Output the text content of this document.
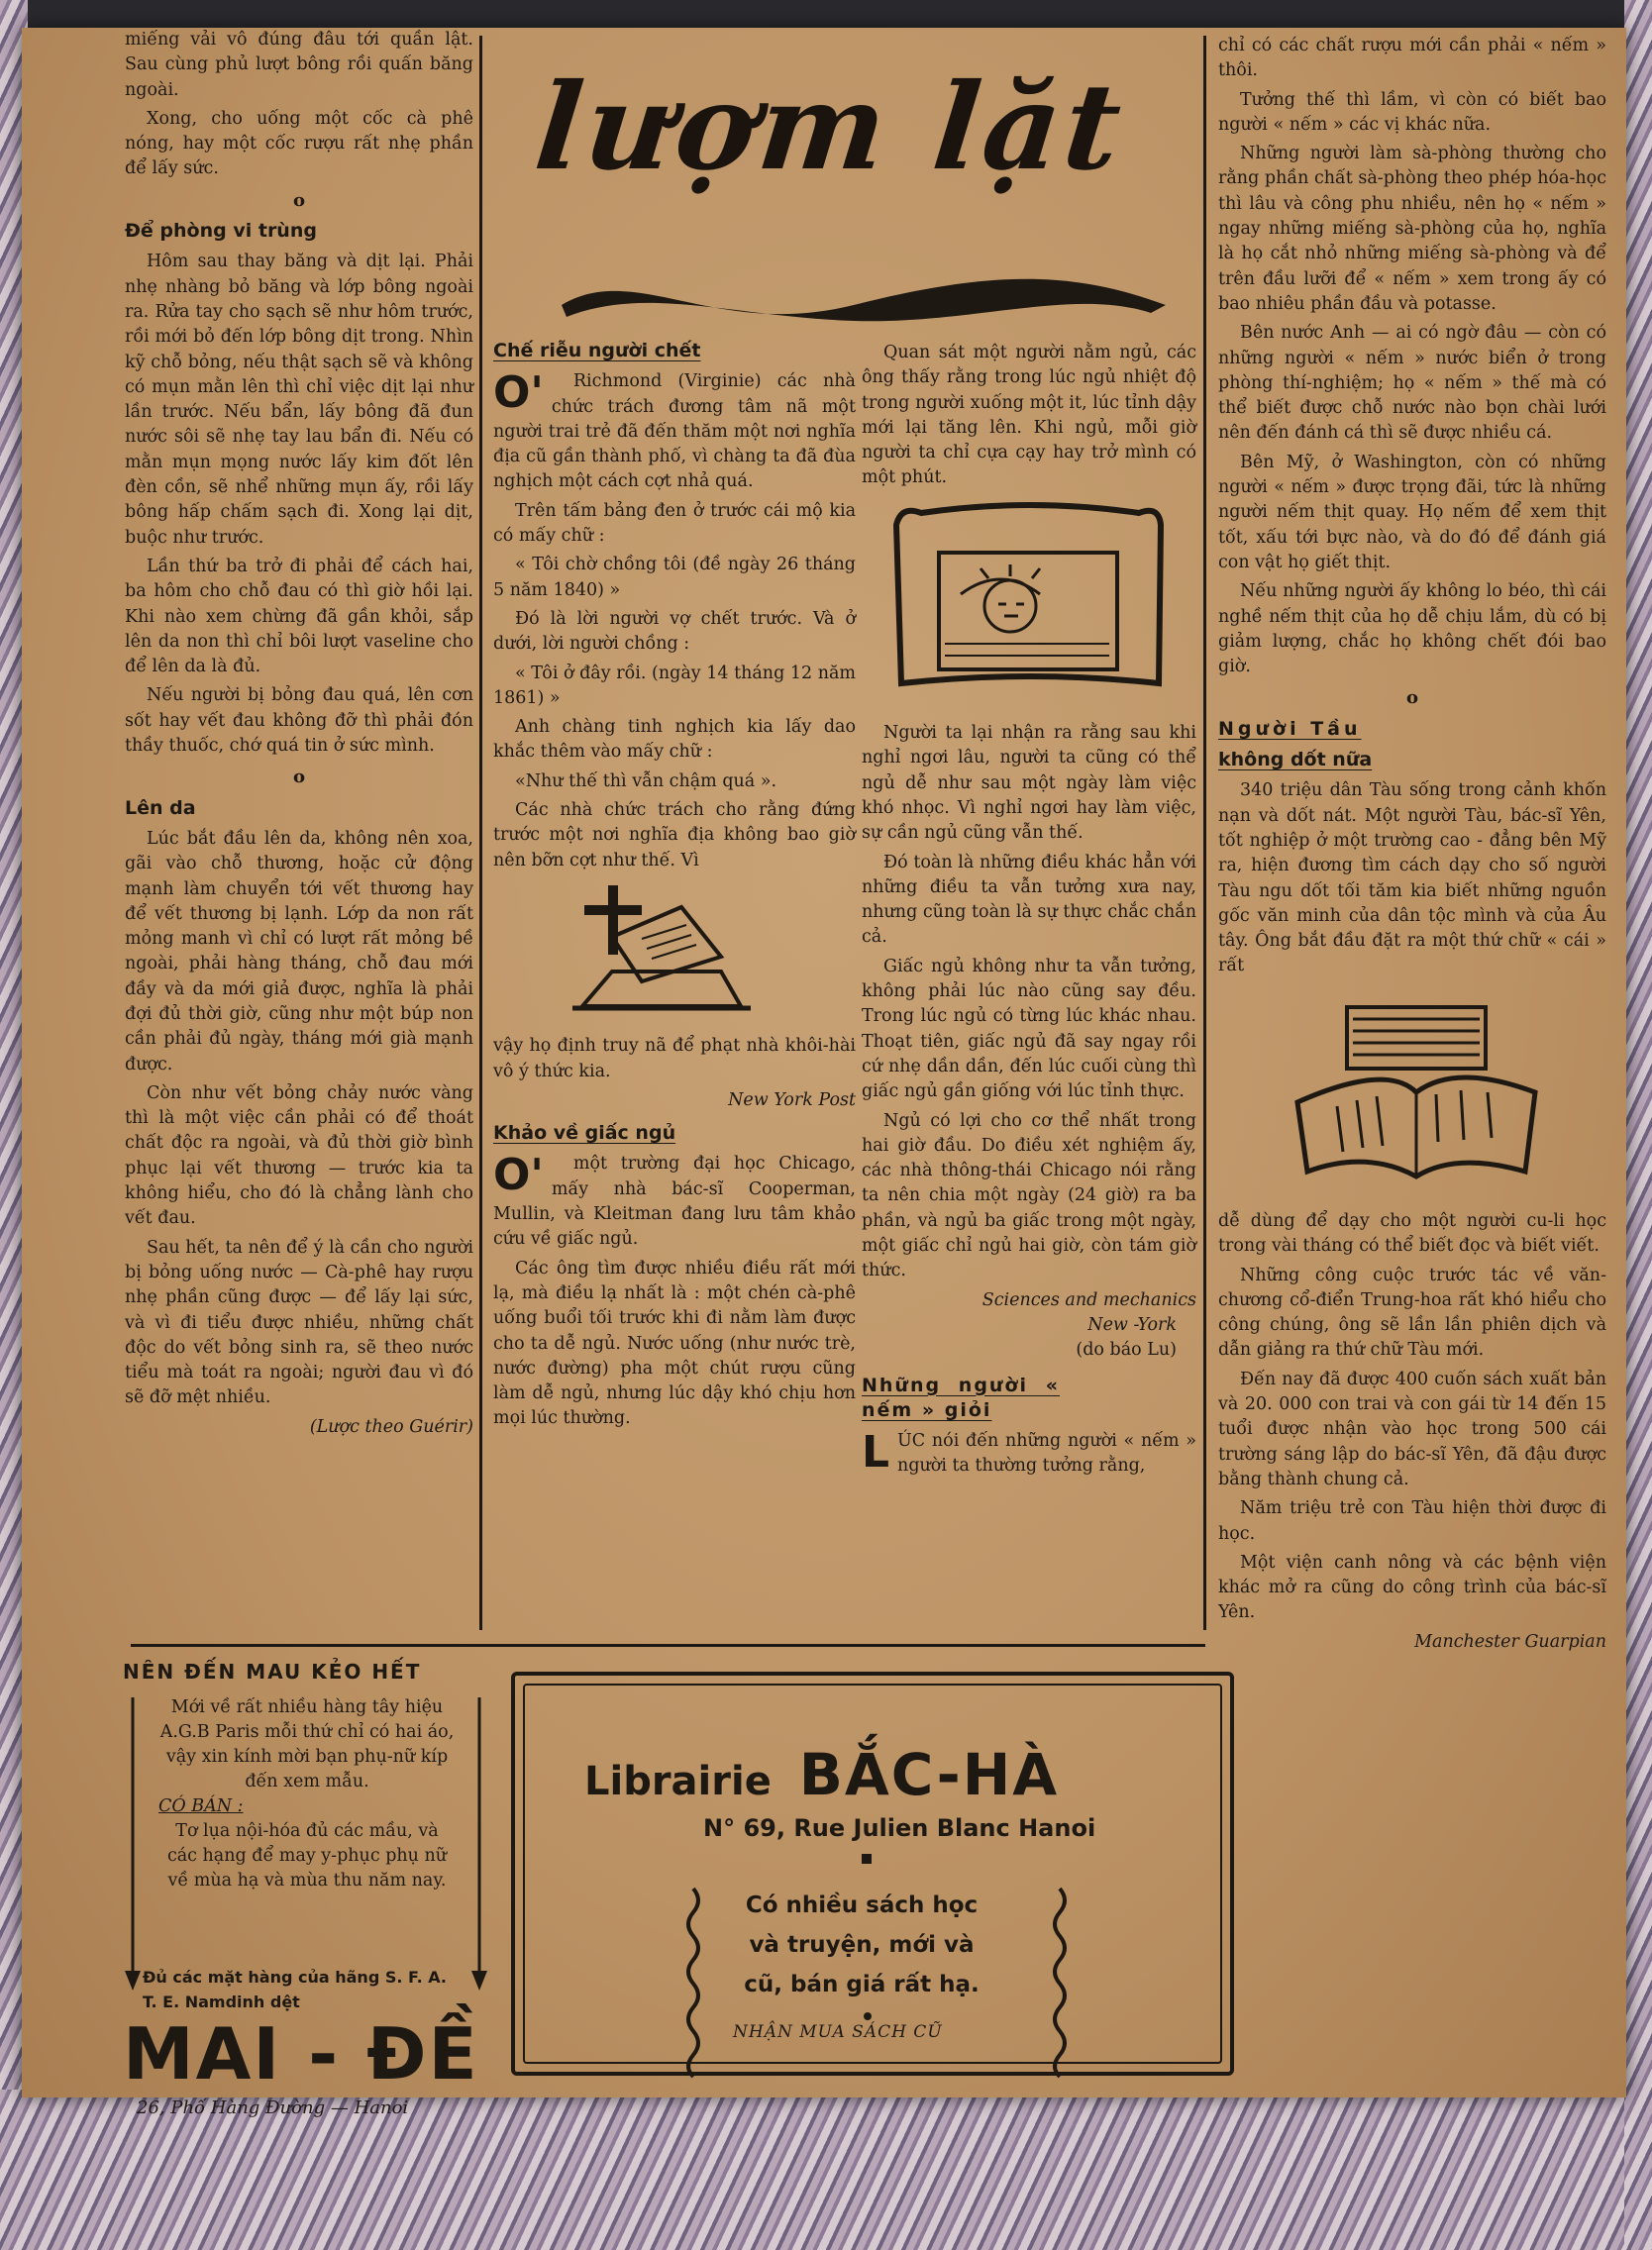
lượm lặt

miếng vải vô đúng đâu tới quần lật. Sau cùng phủ lượt bông rồi quấn băng ngoài.

Xong, cho uống một cốc cà phê nóng, hay một cốc rượu rất nhẹ phần để lấy sức.

o
Để phòng vi trùng

Hôm sau thay băng và dịt lại. Phải nhẹ nhàng bỏ băng và lớp bông ngoài ra. Rửa tay cho sạch sẽ như hôm trước, rồi mới bỏ đến lớp bông dịt trong. Nhìn kỹ chỗ bỏng, nếu thật sạch sẽ và không có mụn mằn lên thì chỉ việc dịt lại như lần trước. Nếu bẩn, lấy bông đã đun nước sôi sẽ nhẹ tay lau bẩn đi. Nếu có mằn mụn mọng nước lấy kim đốt lên đèn cồn, sẽ nhể những mụn ấy, rồi lấy bông hấp chấm sạch đi. Xong lại dịt, buộc như trước.

Lần thứ ba trở đi phải để cách hai, ba hôm cho chỗ đau có thì giờ hồi lại. Khi nào xem chừng đã gần khỏi, sắp lên da non thì chỉ bôi lượt vaseline cho để lên da là đủ.

Nếu người bị bỏng đau quá, lên cơn sốt hay vết đau không đỡ thì phải đón thầy thuốc, chớ quá tin ở sức mình.

o
Lên da

Lúc bắt đầu lên da, không nên xoa, gãi vào chỗ thương, hoặc cử động mạnh làm chuyển tới vết thương hay để vết thương bị lạnh. Lớp da non rất mỏng manh vì chỉ có lượt rất mỏng bề ngoài, phải hàng tháng, chỗ đau mới đầy và da mới giả được, nghĩa là phải đợi đủ thời giờ, cũng như một búp non cần phải đủ ngày, tháng mới già mạnh được.

Còn như vết bỏng chảy nước vàng thì là một việc cần phải có để thoát chất độc ra ngoài, và đủ thời giờ bình phục lại vết thương — trước kia ta không hiểu, cho đó là chẳng lành cho vết đau.

Sau hết, ta nên để ý là cần cho người bị bỏng uống nước — Cà-phê hay rượu nhẹ phần cũng được — để lấy lại sức, và vì đi tiểu được nhiều, những chất độc do vết bỏng sinh ra, sẽ theo nước tiểu mà toát ra ngoài; người đau vì đó sẽ đỡ mệt nhiều.

(Lược theo Guérir)
Chế riễu người chết
O'	Richmond (Virginie) các nhà chức trách đương tâm nã một người trai trẻ đã đến thăm một nơi nghĩa địa cũ gần thành phố, vì chàng ta đã đùa nghịch một cách cợt nhả quá.

Trên tấm bảng đen ở trước cái mộ kia có mấy chữ :

« Tôi chờ chồng tôi (đề ngày 26 tháng 5 năm 1840) »

Đó là lời người vợ chết trước. Và ở dưới, lời người chồng :

« Tôi ở đây rồi. (ngày 14 tháng 12 năm 1861) »

Anh chàng tinh nghịch kia lấy dao khắc thêm vào mấy chữ :

«Như thế thì vẫn chậm quá ».

Các nhà chức trách cho rằng đứng trước một nơi nghĩa địa không bao giờ nên bỡn cợt như thế. Vì

vậy họ định truy nã để phạt nhà khôi-hài vô ý thức kia.

New York Post
Khảo về giấc ngủ
O'	một trường đại học Chicago, mấy nhà bác-sĩ Cooperman, Mullin, và Kleitman đang lưu tâm khảo cứu về giấc ngủ.

Các ông tìm được nhiều điều rất mới lạ, mà điều lạ nhất là : một chén cà-phê uống buổi tối trước khi đi nằm làm được cho ta dễ ngủ. Nước uống (như nước trè, nước đường) pha một chút rượu cũng làm dễ ngủ, nhưng lúc dậy khó chịu hơn mọi lúc thường.

Quan sát một người nằm ngủ, các ông thấy rằng trong lúc ngủ nhiệt độ trong người xuống một it, lúc tỉnh dậy mới lại tăng lên. Khi ngủ, mỗi giờ người ta chỉ cựa cạy hay trở mình có một phút.

Người ta lại nhận ra rằng sau khi nghỉ ngơi lâu, người ta cũng có thể ngủ dễ như sau một ngày làm việc khó nhọc. Vì nghỉ ngơi hay làm việc, sự cần ngủ cũng vẫn thế.

Đó toàn là những điều khác hẳn với những điều ta vẫn tưởng xưa nay, nhưng cũng toàn là sự thực chắc chắn cả.

Giấc ngủ không như ta vẫn tưởng, không phải lúc nào cũng say đều. Trong lúc ngủ có từng lúc khác nhau. Thoạt tiên, giấc ngủ đã say ngay rồi cứ nhẹ dần dần, đến lúc cuối cùng thì giấc ngủ gần giống với lúc tỉnh thực.

Ngủ có lợi cho cơ thể nhất trong hai giờ đầu. Do điều xét nghiệm ấy, các nhà thông-thái Chicago nói rằng ta nên chia một ngày (24 giờ) ra ba phần, và ngủ ba giấc trong một ngày, một giấc chỉ ngủ hai giờ, còn tám giờ thức.

Sciences and mechanics
New -York
(do báo Lu)
Những người « nếm » giỏi
L ÚC nói đến những người « nếm » người ta thường tưởng rằng,

chỉ có các chất rượu mới cần phải « nếm » thôi.

Tưởng thế thì lầm, vì còn có biết bao người « nếm » các vị khác nữa.

Những người làm sà-phòng thường cho rằng phần chất sà-phòng theo phép hóa-học thì lâu và công phu nhiều, nên họ « nếm » ngay những miếng sà-phòng của họ, nghĩa là họ cắt nhỏ những miếng sà-phòng và để trên đầu lưỡi để « nếm » xem trong ấy có bao nhiêu phần đầu và potasse.

Bên nước Anh — ai có ngờ đâu — còn có những người « nếm » nước biển ở trong phòng thí-nghiệm; họ « nếm » thế mà có thể biết được chỗ nước nào bọn chài lưới nên đến đánh cá thì sẽ được nhiều cá.

Bên Mỹ, ở Washington, còn có những người « nếm » được trọng đãi, tức là những người nếm thịt quay. Họ nếm để xem thịt tốt, xấu tới bực nào, và do đó để đánh giá con vật họ giết thịt.

Nếu những người ấy không lo béo, thì cái nghề nếm thịt của họ dễ chịu lắm, dù có bị giảm lượng, chắc họ không chết đói bao giờ.

o
Người Tầu
không dốt nữa

340 triệu dân Tàu sống trong cảnh khốn nạn và dốt nát. Một người Tàu, bác-sĩ Yên, tốt nghiệp ở một trường cao - đẳng bên Mỹ ra, hiện đương tìm cách dạy cho số người Tàu ngu dốt tối tăm kia biết những nguồn gốc văn minh của dân tộc mình và của Âu tây. Ông bắt đầu đặt ra một thứ chữ « cái » rất

dễ dùng để dạy cho một người cu-li học trong vài tháng có thể biết đọc và biết viết.

Những công cuộc trước tác về văn-chương cổ-điển Trung-hoa rất khó hiểu cho công chúng, ông sẽ lần lần phiên dịch và dẫn giảng ra thứ chữ Tàu mới.

Đến nay đã được 400 cuốn sách xuất bản và 20. 000 con trai và con gái từ 14 đến 15 tuổi được nhận vào học trong 500 cái trường sáng lập do bác-sĩ Yên, đã đậu được bằng thành chung cả.

Năm triệu trẻ con Tàu hiện thời được đi học.

Một viện canh nông và các bệnh viện khác mở ra cũng do công trình của bác-sĩ Yên.

Manchester Guarpian
NÊN ĐẾN MAU KẺO HẾT
Mới về rất nhiều hàng tây hiệu A.G.B Paris mỗi thứ chỉ có hai áo, vậy xin kính mời bạn phụ-nữ kíp đến xem mẫu.
CÓ BÁN :
Tơ lụa nội-hóa đủ các mầu, và các hạng để may y-phục phụ nữ về mùa hạ và mùa thu năm nay.
Đủ các mặt hàng của hãng S. F. A. T. E. Namdinh dệt
MAI - ĐỀ
26, Phố Hàng Đường — Hanoi
Librairie BẮC-HÀ
N° 69, Rue Julien Blanc Hanoi
Có nhiều sách học
và truyện, mới và
cũ, bán giá rất hạ.
NHẬN MUA SÁCH CŨ
